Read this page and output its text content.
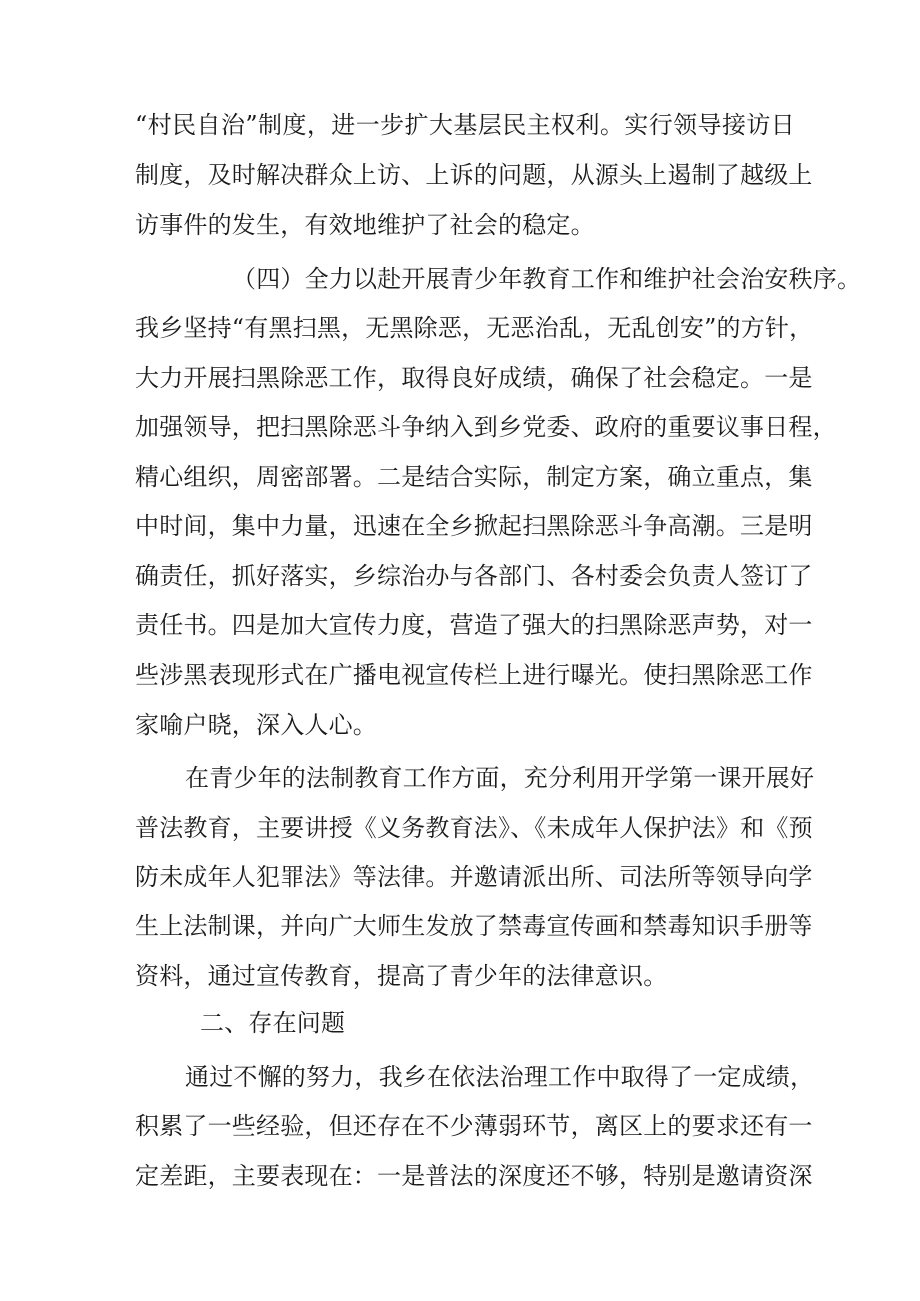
“村民自治”制度，进一步扩大基层民主权利。实行领导接访日
制度，及时解决群众上访、上诉的问题，从源头上遏制了越级上
访事件的发生，有效地维护了社会的稳定。
（四）全力以赴开展青少年教育工作和维护社会治安秩序。
我乡坚持“有黑扫黑，无黑除恶，无恶治乱，无乱创安”的方针，
大力开展扫黑除恶工作，取得良好成绩，确保了社会稳定。一是
加强领导，把扫黑除恶斗争纳入到乡党委、政府的重要议事日程，
精心组织，周密部署。二是结合实际，制定方案，确立重点，集
中时间，集中力量，迅速在全乡掀起扫黑除恶斗争高潮。三是明
确责任，抓好落实，乡综治办与各部门、各村委会负责人签订了
责任书。四是加大宣传力度，营造了强大的扫黑除恶声势，对一
些涉黑表现形式在广播电视宣传栏上进行曝光。使扫黑除恶工作
家喻户晓，深入人心。
在青少年的法制教育工作方面，充分利用开学第一课开展好
普法教育，主要讲授《义务教育法》、《未成年人保护法》和《预
防未成年人犯罪法》等法律。并邀请派出所、司法所等领导向学
生上法制课，并向广大师生发放了禁毒宣传画和禁毒知识手册等
资料，通过宣传教育，提高了青少年的法律意识。
二、存在问题
通过不懈的努力，我乡在依法治理工作中取得了一定成绩，
积累了一些经验，但还存在不少薄弱环节，离区上的要求还有一
定差距，主要表现在：一是普法的深度还不够，特别是邀请资深
